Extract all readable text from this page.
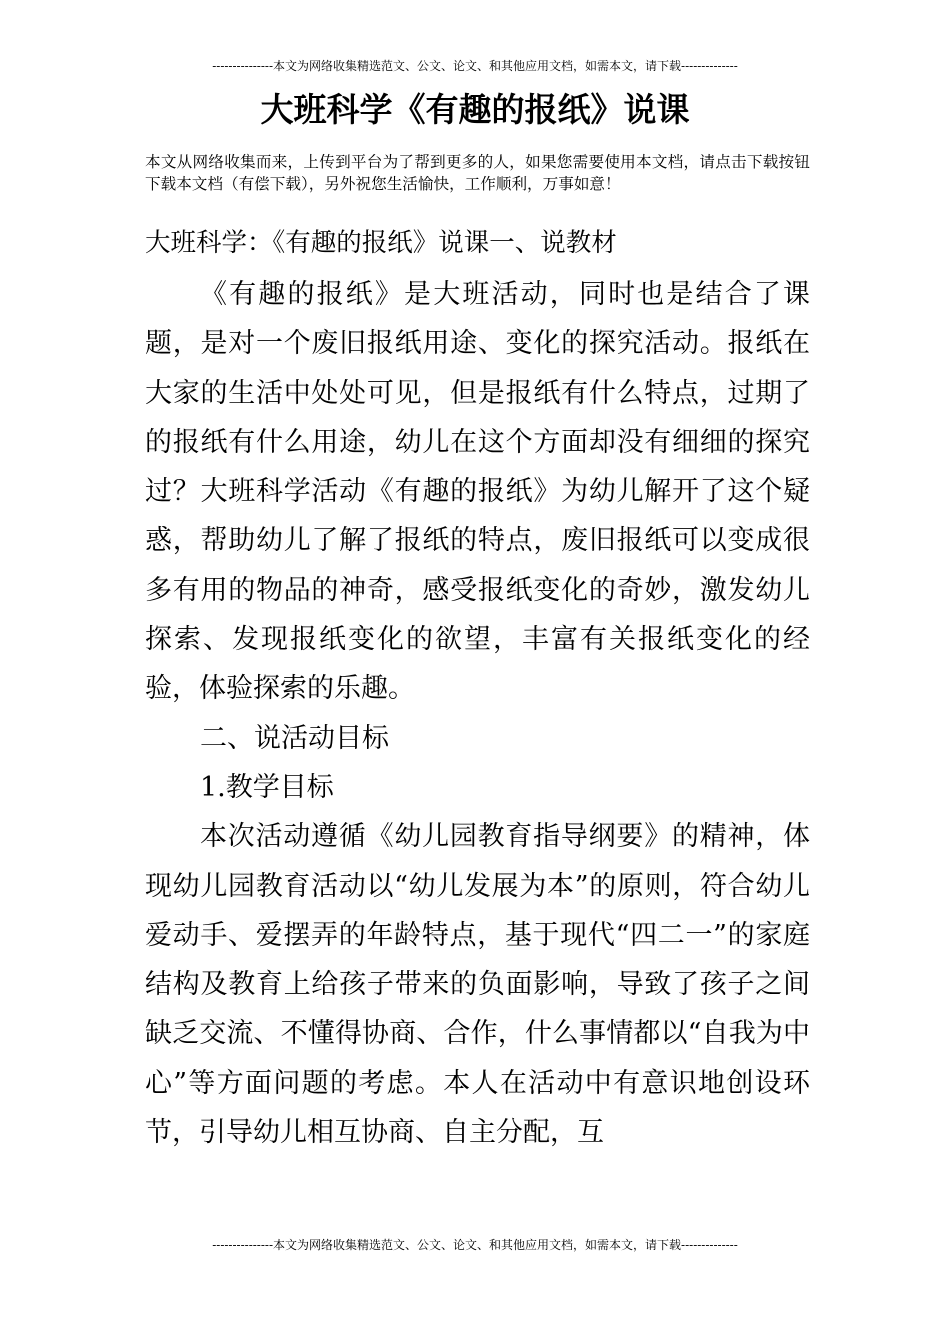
---------------本文为网络收集精选范文、公文、论文、和其他应用文档，如需本文，请下载--------------
大班科学《有趣的报纸》说课

本文从网络收集而来，上传到平台为了帮到更多的人，如果您需要使用本文档，请点击下载按钮下载本文档（有偿下载），另外祝您生活愉快，工作顺利，万事如意！

大班科学：《有趣的报纸》说课一、说教材

《有趣的报纸》是大班活动，同时也是结合了课题，是对一个废旧报纸用途、变化的探究活动。报纸在大家的生活中处处可见，但是报纸有什么特点，过期了的报纸有什么用途，幼儿在这个方面却没有细细的探究过？大班科学活动《有趣的报纸》为幼儿解开了这个疑惑，帮助幼儿了解了报纸的特点，废旧报纸可以变成很多有用的物品的神奇，感受报纸变化的奇妙，激发幼儿探索、发现报纸变化的欲望，丰富有关报纸变化的经验，体验探索的乐趣。

二、说活动目标

1.教学目标

本次活动遵循《幼儿园教育指导纲要》的精神，体现幼儿园教育活动以“幼儿发展为本”的原则，符合幼儿爱动手、爱摆弄的年龄特点，基于现代“四二一”的家庭结构及教育上给孩子带来的负面影响，导致了孩子之间缺乏交流、不懂得协商、合作，什么事情都以“自我为中心”等方面问题的考虑。本人在活动中有意识地创设环节，引导幼儿相互协商、自主分配，互

---------------本文为网络收集精选范文、公文、论文、和其他应用文档，如需本文，请下载--------------
